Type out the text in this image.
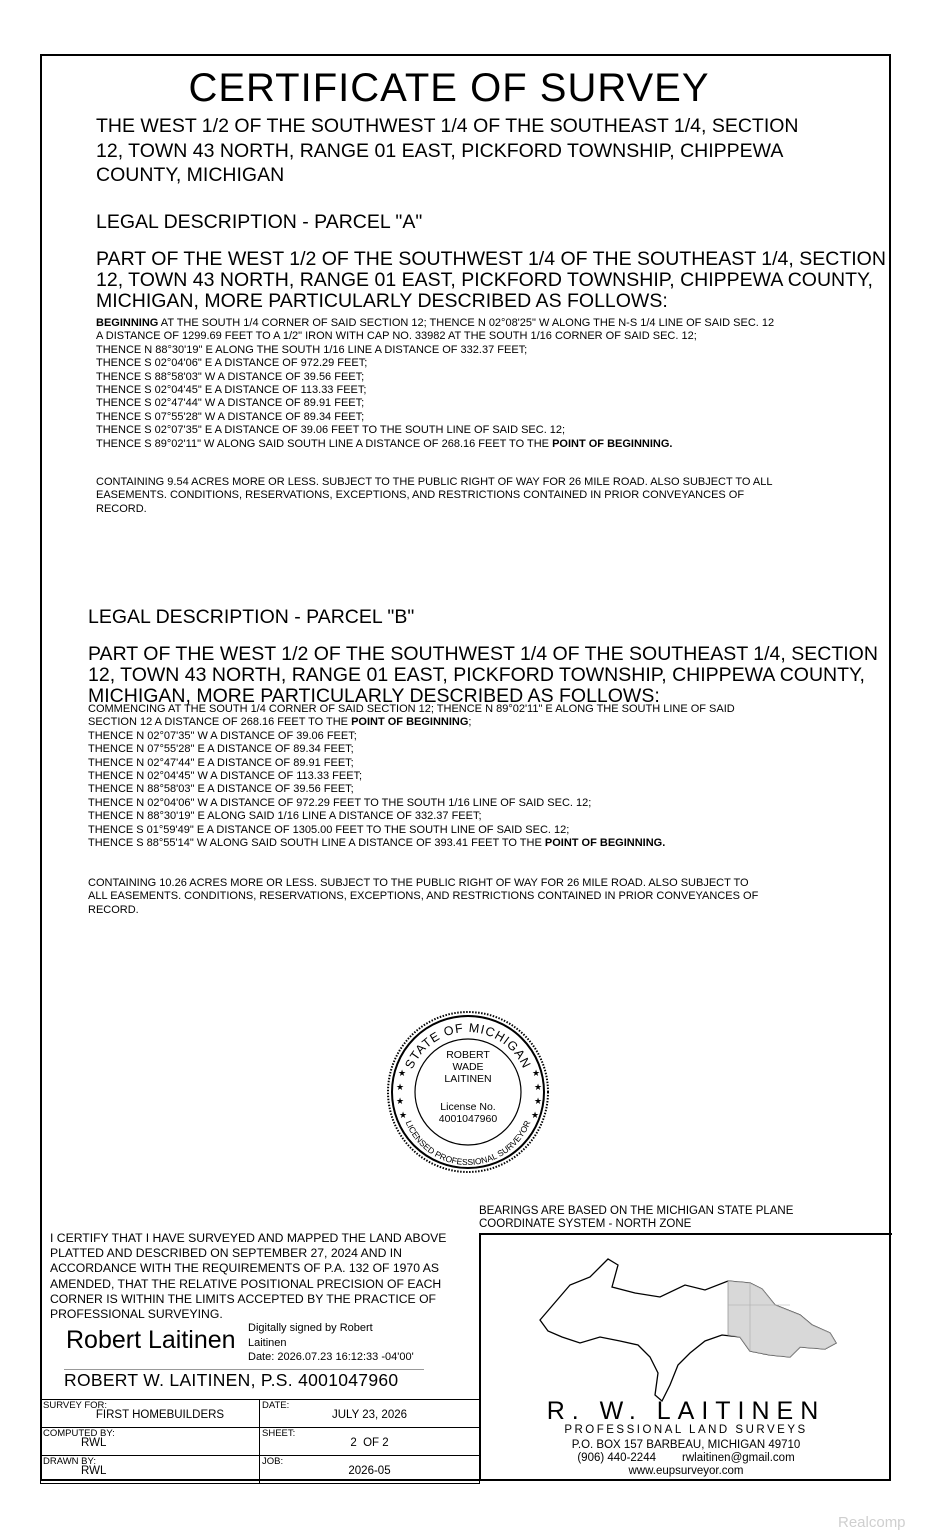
CERTIFICATE OF SURVEY
THE WEST 1/2 OF THE SOUTHWEST 1/4 OF THE SOUTHEAST 1/4, SECTION
12, TOWN 43 NORTH, RANGE 01 EAST, PICKFORD TOWNSHIP, CHIPPEWA
COUNTY, MICHIGAN
LEGAL DESCRIPTION - PARCEL "A"
PART OF THE WEST 1/2 OF THE SOUTHWEST 1/4 OF THE SOUTHEAST 1/4, SECTION
12, TOWN 43 NORTH, RANGE 01 EAST, PICKFORD TOWNSHIP, CHIPPEWA COUNTY,
MICHIGAN, MORE PARTICULARLY DESCRIBED AS FOLLOWS:
BEGINNING AT THE SOUTH 1/4 CORNER OF SAID SECTION 12; THENCE N 02°08'25" W ALONG THE N-S 1/4 LINE OF SAID SEC. 12
A DISTANCE OF 1299.69 FEET TO A 1/2" IRON WITH CAP NO. 33982 AT THE SOUTH 1/16 CORNER OF SAID SEC. 12;
THENCE N 88°30'19" E ALONG THE SOUTH 1/16 LINE A DISTANCE OF 332.37 FEET;
THENCE S 02°04'06" E A DISTANCE OF 972.29 FEET;
THENCE S 88°58'03" W A DISTANCE OF 39.56 FEET;
THENCE S 02°04'45" E A DISTANCE OF 113.33 FEET;
THENCE S 02°47'44" W A DISTANCE OF 89.91 FEET;
THENCE S 07°55'28" W A DISTANCE OF 89.34 FEET;
THENCE S 02°07'35" E A DISTANCE OF 39.06 FEET TO THE SOUTH LINE OF SAID SEC. 12;
THENCE S 89°02'11" W ALONG SAID SOUTH LINE A DISTANCE OF 268.16 FEET TO THE POINT OF BEGINNING.
CONTAINING 9.54 ACRES MORE OR LESS. SUBJECT TO THE PUBLIC RIGHT OF WAY FOR 26 MILE ROAD. ALSO SUBJECT TO ALL
EASEMENTS. CONDITIONS, RESERVATIONS, EXCEPTIONS, AND RESTRICTIONS CONTAINED IN PRIOR CONVEYANCES OF
RECORD.
LEGAL DESCRIPTION - PARCEL "B"
PART OF THE WEST 1/2 OF THE SOUTHWEST 1/4 OF THE SOUTHEAST 1/4, SECTION
12, TOWN 43 NORTH, RANGE 01 EAST, PICKFORD TOWNSHIP, CHIPPEWA COUNTY,
MICHIGAN, MORE PARTICULARLY DESCRIBED AS FOLLOWS:
COMMENCING AT THE SOUTH 1/4 CORNER OF SAID SECTION 12; THENCE N 89°02'11" E ALONG THE SOUTH LINE OF SAID
SECTION 12 A DISTANCE OF 268.16 FEET TO THE POINT OF BEGINNING;
THENCE N 02°07'35" W A DISTANCE OF 39.06 FEET;
THENCE N 07°55'28" E A DISTANCE OF 89.34 FEET;
THENCE N 02°47'44" E A DISTANCE OF 89.91 FEET;
THENCE N 02°04'45" W A DISTANCE OF 113.33 FEET;
THENCE N 88°58'03" E A DISTANCE OF 39.56 FEET;
THENCE N 02°04'06" W A DISTANCE OF 972.29 FEET TO THE SOUTH 1/16 LINE OF SAID SEC. 12;
THENCE N 88°30'19" E ALONG SAID 1/16 LINE A DISTANCE OF 332.37 FEET;
THENCE S 01°59'49" E A DISTANCE OF 1305.00 FEET TO THE SOUTH LINE OF SAID SEC. 12;
THENCE S 88°55'14" W ALONG SAID SOUTH LINE A DISTANCE OF 393.41 FEET TO THE POINT OF BEGINNING.
CONTAINING 10.26 ACRES MORE OR LESS. SUBJECT TO THE PUBLIC RIGHT OF WAY FOR 26 MILE ROAD. ALSO SUBJECT TO
ALL EASEMENTS. CONDITIONS, RESERVATIONS, EXCEPTIONS, AND RESTRICTIONS CONTAINED IN PRIOR CONVEYANCES OF
RECORD.
STATE OF MICHIGAN
LICENSED PROFESSIONAL SURVEYOR
★
★
★
★
★
★
★
★
ROBERT
WADE
LAITINEN
License No.
4001047960
I CERTIFY THAT I HAVE SURVEYED AND MAPPED THE LAND ABOVE
PLATTED AND DESCRIBED ON SEPTEMBER 27, 2024 AND IN
ACCORDANCE WITH THE REQUIREMENTS OF P.A. 132 OF 1970 AS
AMENDED, THAT THE RELATIVE POSITIONAL PRECISION OF EACH
CORNER IS WITHIN THE LIMITS ACCEPTED BY THE PRACTICE OF
PROFESSIONAL SURVEYING.
Robert Laitinen Digitally signed by Robert
Laitinen
Date: 2026.07.23 16:12:33 -04'00'
ROBERT W. LAITINEN, P.S. 4001047960
BEARINGS ARE BASED ON THE MICHIGAN STATE PLANE
COORDINATE SYSTEM - NORTH ZONE
SURVEY FOR:
FIRST HOMEBUILDERS	DATE:
JULY 23, 2026

COMPUTED BY:
RWL	SHEET:
2  OF 2

DRAWN BY:
RWL	JOB:
2026-05
R. W. LAITINEN
PROFESSIONAL LAND SURVEYS
P.O. BOX 157 BARBEAU, MICHIGAN 49710
(906) 440-2244 rwlaitinen@gmail.com
www.eupsurveyor.com
Realcomp
